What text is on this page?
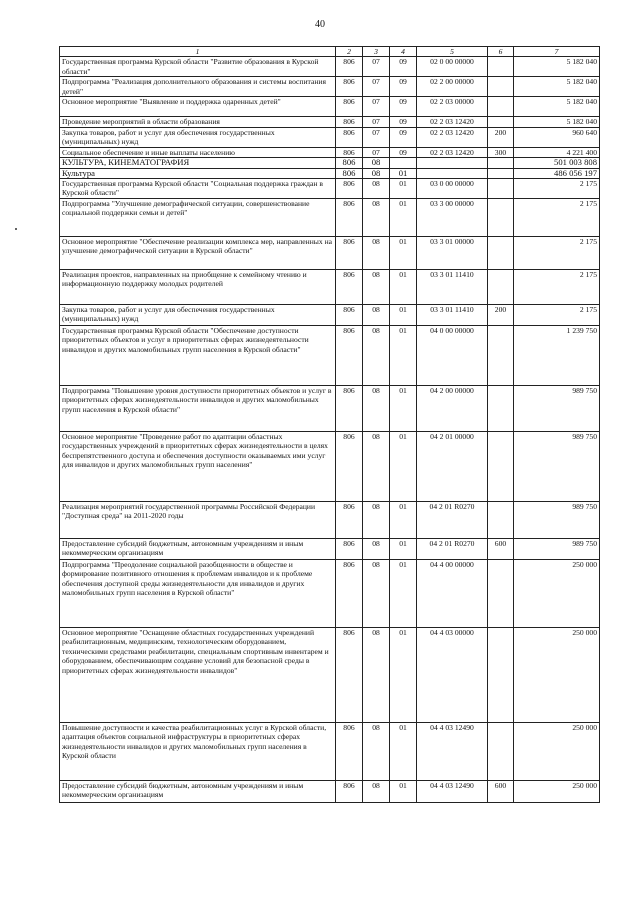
40
1	2	3	4	5	6	7
Государственная программа Курской области "Развитие образования в Курской области"	806	07	09	02 0 00 00000		5 182 040
Подпрограмма "Реализация дополнительного образования и системы воспитания детей"	806	07	09	02 2 00 00000		5 182 040
Основное мероприятие "Выявление и поддержка одаренных детей"	806	07	09	02 2 03 00000		5 182 040
Проведение мероприятий в области образования	806	07	09	02 2 03 12420		5 182 040
Закупка товаров, работ и услуг для обеспечения государственных (муниципальных) нужд	806	07	09	02 2 03 12420	200	960 640
Социальное обеспечение и иные выплаты населению	806	07	09	02 2 03 12420	300	4 221 400
КУЛЬТУРА, КИНЕМАТОГРАФИЯ	806	08				501 003 808
Культура	806	08	01			486 056 197
Государственная программа Курской области "Социальная поддержка граждан в Курской области"	806	08	01	03 0 00 00000		2 175
Подпрограмма "Улучшение демографической ситуации, совершенствование социальной поддержки семьи и детей"	806	08	01	03 3 00 00000		2 175
Основное мероприятие "Обеспечение реализации комплекса мер, направленных на улучшение демографической ситуации в Курской области"	806	08	01	03 3 01 00000		2 175
Реализация проектов, направленных на приобщение к семейному чтению и информационную поддержку молодых родителей	806	08	01	03 3 01 11410		2 175
Закупка товаров, работ и услуг для обеспечения государственных (муниципальных) нужд	806	08	01	03 3 01 11410	200	2 175
Государственная программа Курской области "Обеспечение доступности приоритетных объектов и услуг в приоритетных сферах жизнедеятельности инвалидов и других маломобильных групп населения в Курской области"	806	08	01	04 0 00 00000		1 239 750
Подпрограмма "Повышение уровня доступности приоритетных объектов и услуг в приоритетных сферах жизнедеятельности инвалидов и других маломобильных групп населения в Курской области"	806	08	01	04 2 00 00000		989 750
Основное мероприятие "Проведение работ по адаптации областных государственных учреждений в приоритетных сферах жизнедеятельности в целях беспрепятственного доступа и обеспечения доступности оказываемых ими услуг для инвалидов и других маломобильных групп населения"	806	08	01	04 2 01 00000		989 750
Реализация мероприятий государственной программы Российской Федерации "Доступная среда" на 2011-2020 годы	806	08	01	04 2 01 R0270		989 750
Предоставление субсидий бюджетным, автономным учреждениям и иным некоммерческим организациям	806	08	01	04 2 01 R0270	600	989 750
Подпрограмма "Преодоление социальной разобщенности в обществе и формирование позитивного отношения к проблемам инвалидов и к проблеме обеспечения доступной среды жизнедеятельности для инвалидов и других маломобильных групп населения в Курской области"	806	08	01	04 4 00 00000		250 000
Основное мероприятие "Оснащение областных государственных учреждений реабилитационным, медицинским, технологическим оборудованием, техническими средствами реабилитации, специальным спортивным инвентарем и оборудованием, обеспечивающим создание условий для безопасной среды в приоритетных сферах жизнедеятельности инвалидов"	806	08	01	04 4 03 00000		250 000
Повышение доступности и качества реабилитационных услуг в Курской области, адаптация объектов социальной инфраструктуры в приоритетных сферах жизнедеятельности инвалидов и других маломобильных групп населения в Курской области	806	08	01	04 4 03 12490		250 000
Предоставление субсидий бюджетным, автономным учреждениям и иным некоммерческим организациям	806	08	01	04 4 03 12490	600	250 000
